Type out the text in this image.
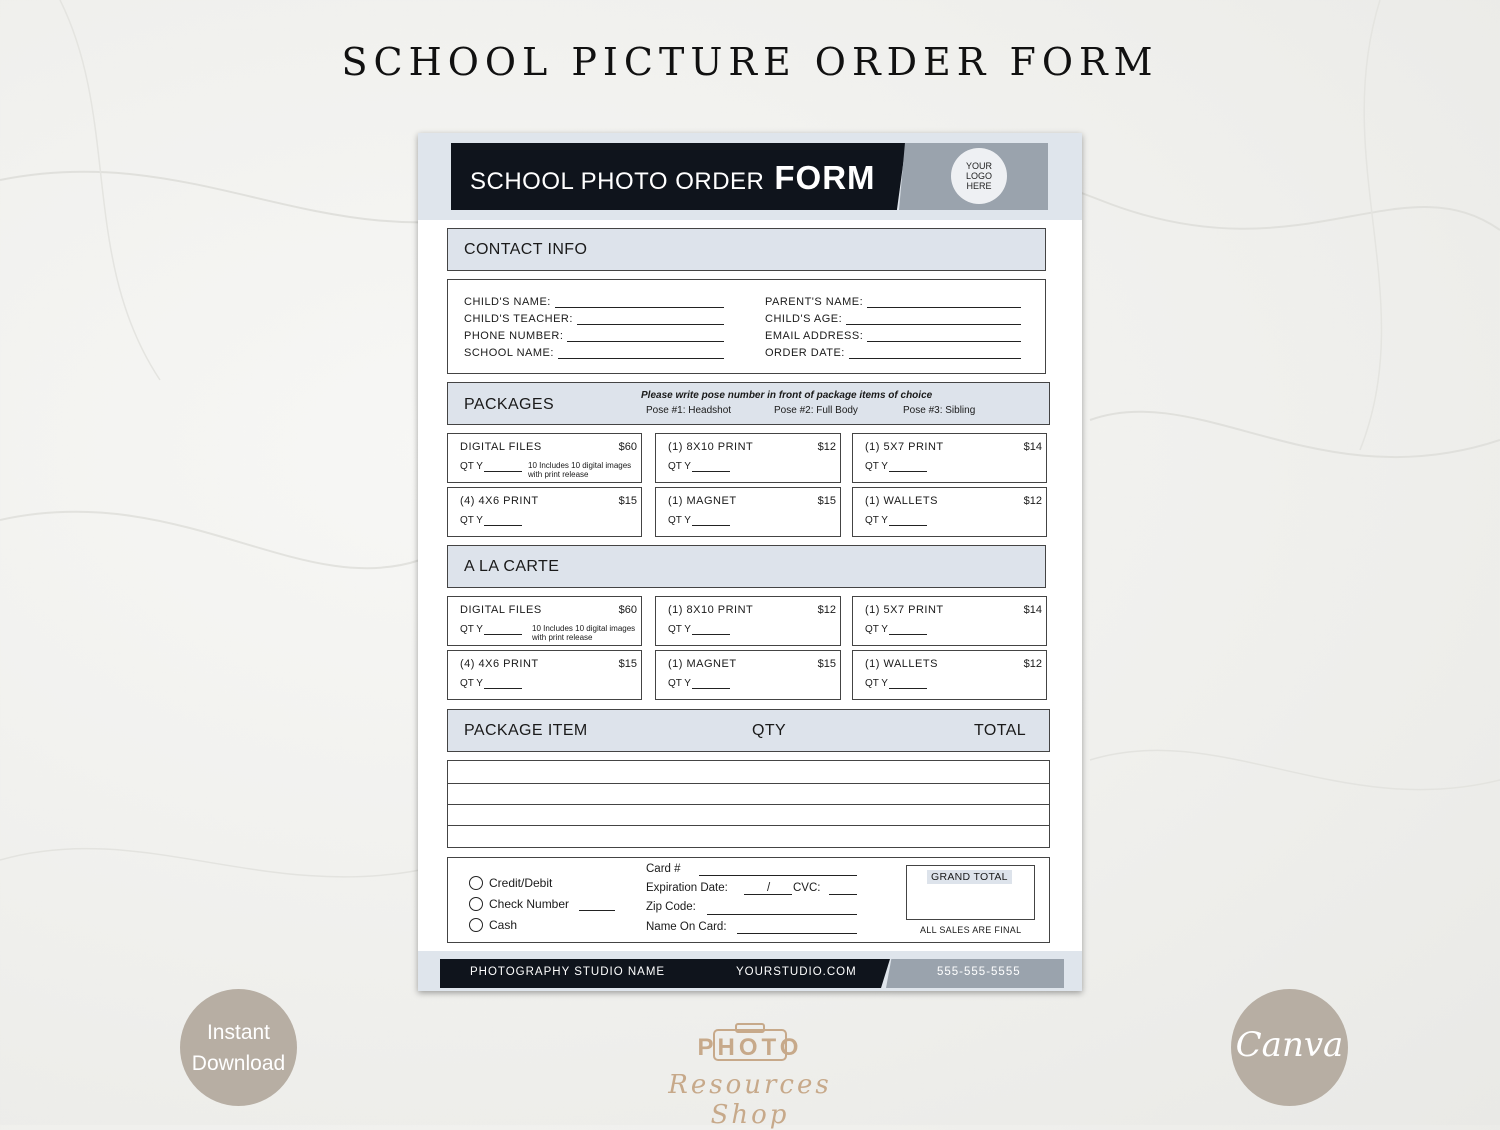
SCHOOL PICTURE ORDER FORM
SCHOOL PHOTO ORDER FORM	YOUR
LOGO
HERE
CONTACT INFO
CHILD'S NAME:
CHILD'S TEACHER:
PHONE NUMBER:
SCHOOL NAME:
PARENT'S NAME:
CHILD'S AGE:
EMAIL ADDRESS:
ORDER DATE:
PACKAGES
Please write pose number in front of package items of choice
Pose #1: Headshot	Pose #2: Full Body	Pose #3: Sibling
DIGITAL FILES	$60
QT Y	10 Includes 10 digital images with print release
(1) 8X10 PRINT	$12
QT Y
(1) 5X7 PRINT	$14
QT Y
(4) 4X6 PRINT	$15
QT Y
(1) MAGNET	$15
QT Y
(1) WALLETS	$12
QT Y
A LA CARTE
DIGITAL FILES	$60
QT Y	10 Includes 10 digital images with print release
(1) 8X10 PRINT	$12
QT Y
(1) 5X7 PRINT	$14
QT Y
(4) 4X6 PRINT	$15
QT Y
(1) MAGNET	$15
QT Y
(1) WALLETS	$12
QT Y
PACKAGE ITEM	QTY	TOTAL
Credit/Debit
Check Number
Cash
Card #
Expiration Date:	/ CVC:
Zip Code:
Name On Card:
GRAND TOTAL
ALL SALES ARE FINAL
PHOTOGRAPHY STUDIO NAME	YOURSTUDIO.COM	555-555-5555
Instant
Download	Canva
PHOTO
Resources Shop
